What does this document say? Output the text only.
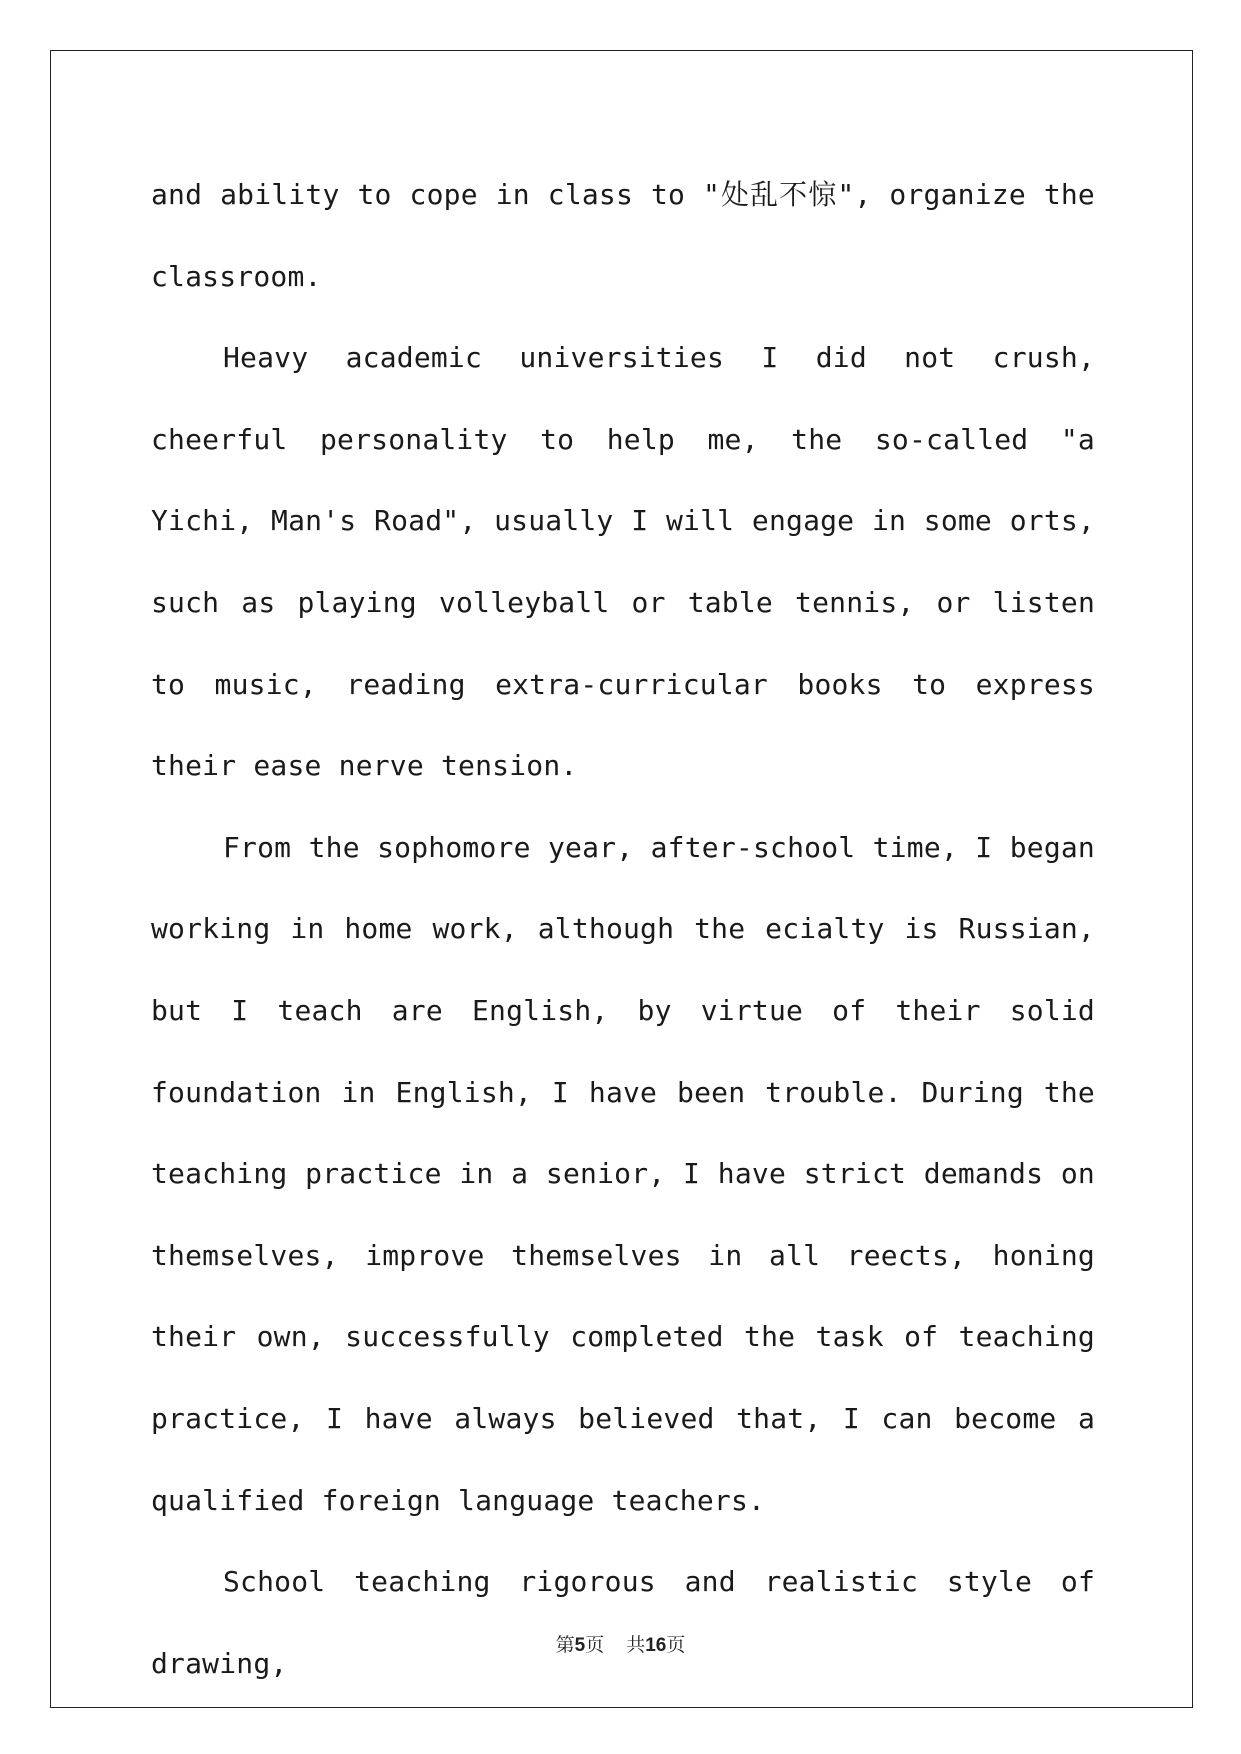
and ability to cope in class to "处乱不惊", organize the classroom.

Heavy academic universities I did not crush, cheerful personality to help me, the so-called "a Yichi, Man's Road", usually I will engage in some orts, such as playing volleyball or table tennis, or listen to music, reading extra-curricular books to express their ease nerve tension.

From the sophomore year, after-school time, I began working in home work, although the ecialty is Russian, but I teach are English, by virtue of their solid foundation in English, I have been trouble. During the teaching practice in a senior, I have strict demands on themselves, improve themselves in all reects, honing their own, successfully completed the task of teaching practice, I have always believed that, I can become a qualified foreign language teachers.

School teaching rigorous and realistic style of drawing,

第5页 共16页
